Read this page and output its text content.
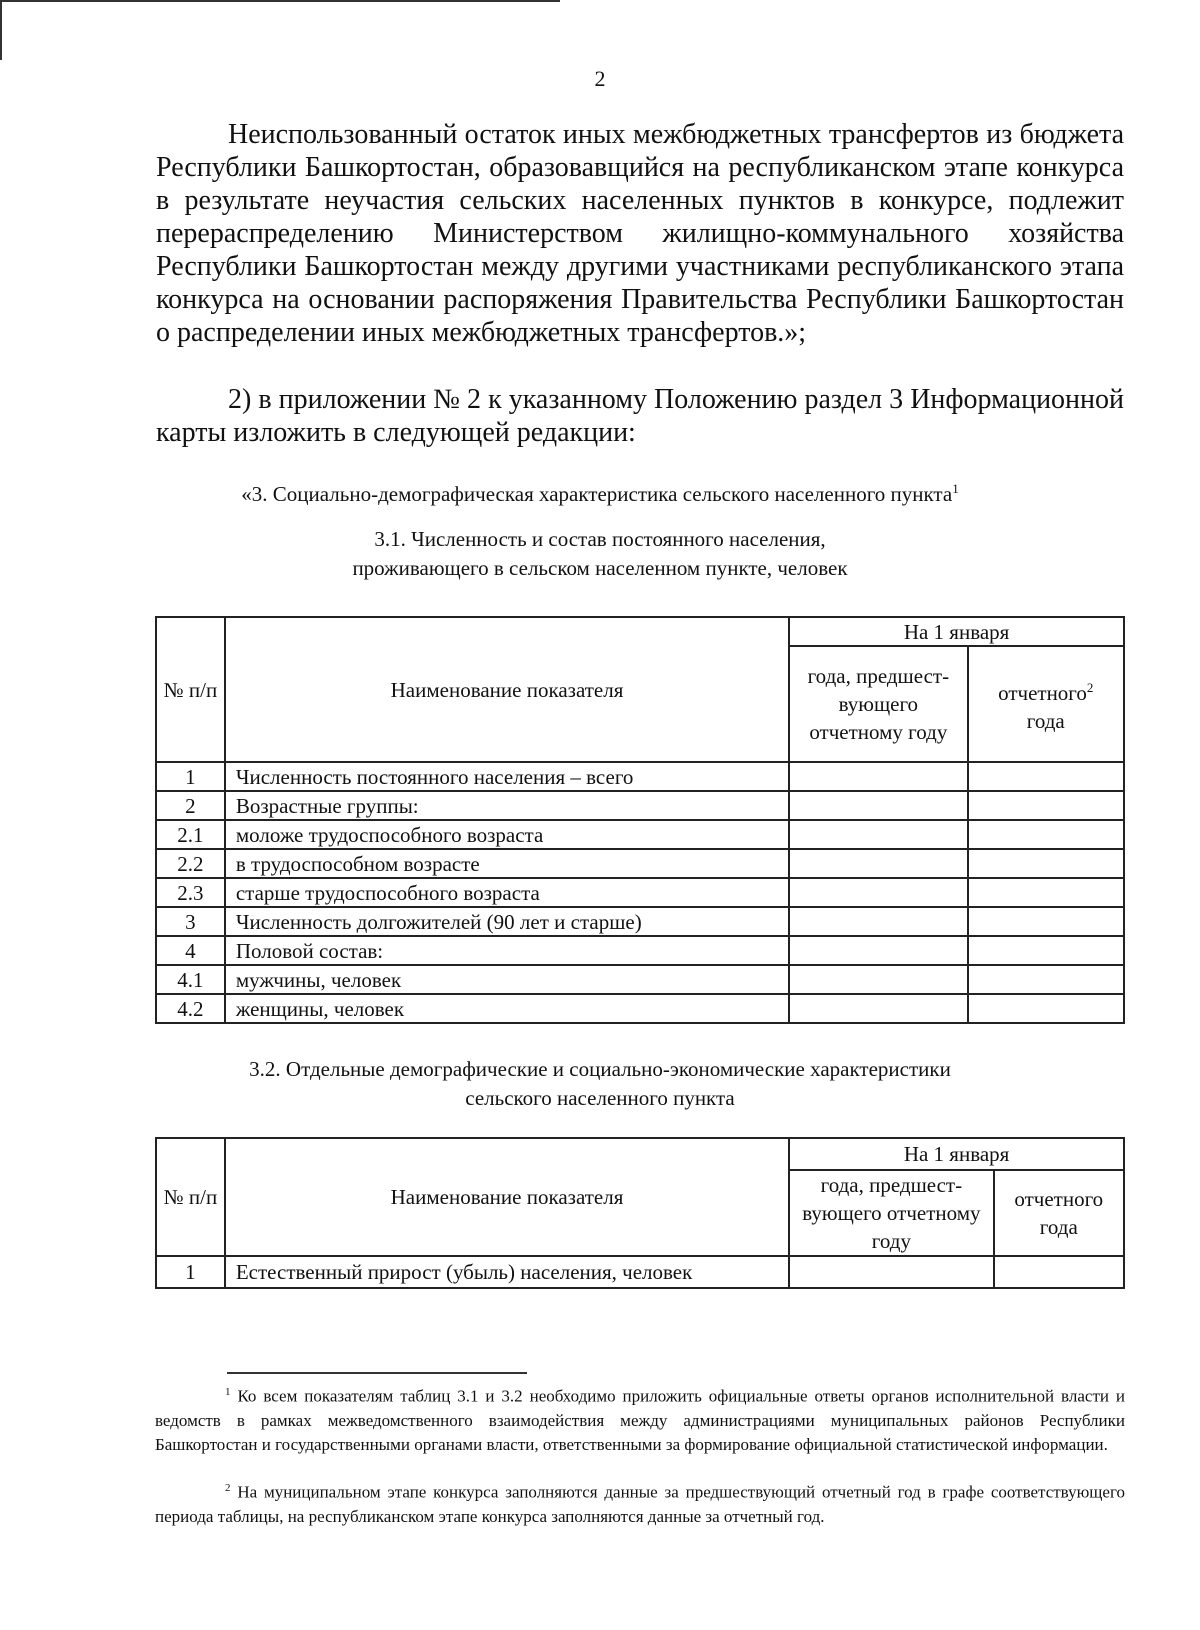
2

Неиспользованный остаток иных межбюджетных трансфертов из бюджета Республики Башкортостан, образовавщийся на республиканском этапе конкурса в результате неучастия сельских населенных пунктов в конкурсе, подлежит перераспределению Министерством жилищно-коммунального хозяйства Республики Башкортостан между другими участниками республиканского этапа конкурса на основании распоряжения Правительства Республики Башкортостан о распределении иных межбюджетных трансфертов.»;

2) в приложении № 2 к указанному Положению раздел 3 Информационной карты изложить в следующей редакции:

«3. Социально-демографическая характеристика сельского населенного пункта$^1$
3.1. Численность и состав постоянного населения,
проживающего в сельском населенном пункте, человек
№ п/п	Наименование показателя	На 1 января	
		года, предшест-вующего отчетному году	отчетного$^2$
года
1	Численность постоянного населения – всего		
2	Возрастные группы:		
2.1	моложе трудоспособного возраста		
2.2	в трудоспособном возрасте		
2.3	старше трудоспособного возраста		
3	Численность долгожителей (90 лет и старше)		
4	Половой состав:		
4.1	мужчины, человек		
4.2	женщины, человек		
3.2. Отдельные демографические и социально-экономические характеристики
сельского населенного пункта
№ п/п	Наименование показателя	На 1 января	
		года, предшест-вующего отчетному году	отчетного года
1	Естественный прирост (убыль) населения, человек		
$^1$ Ко всем показателям таблиц 3.1 и 3.2 необходимо приложить официальные ответы органов исполнительной власти и ведомств в рамках межведомственного взаимодействия между администрациями муниципальных районов Республики Башкортостан и государственными органами власти, ответственными за формирование официальной статистической информации.
$^2$ На муниципальном этапе конкурса заполняются данные за предшествующий отчетный год в графе соответствующего периода таблицы, на республиканском этапе конкурса заполняются данные за отчетный год.
